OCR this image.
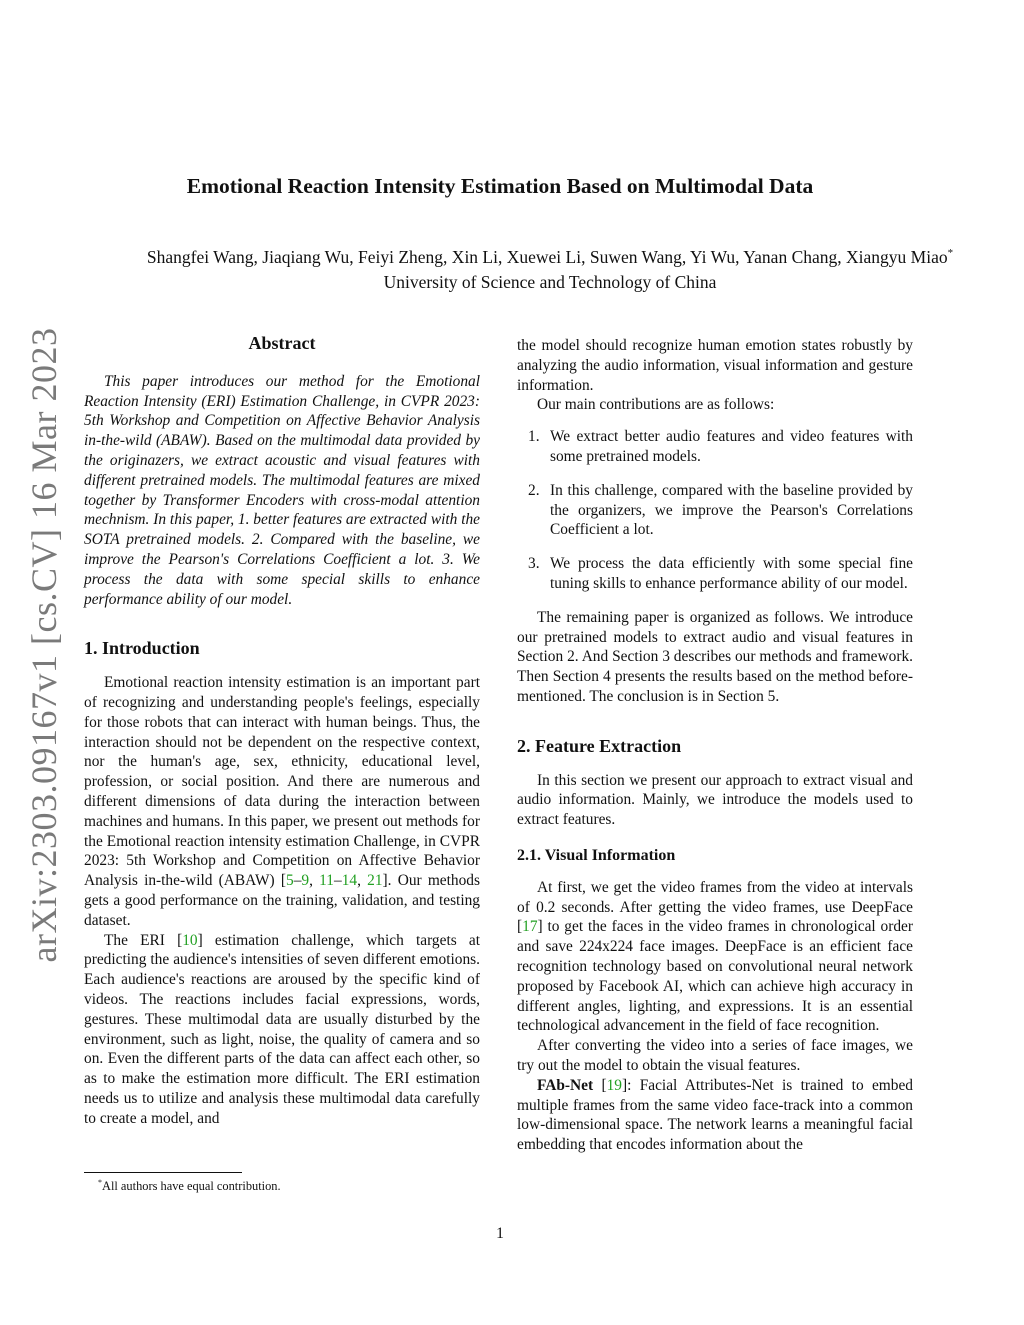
arXiv:2303.09167v1 [cs.CV] 16 Mar 2023
Emotional Reaction Intensity Estimation Based on Multimodal Data
Shangfei Wang, Jiaqiang Wu, Feiyi Zheng, Xin Li, Xuewei Li, Suwen Wang, Yi Wu, Yanan Chang, Xiangyu Miao*
University of Science and Technology of China
Abstract

This paper introduces our method for the Emotional Reaction Intensity (ERI) Estimation Challenge, in CVPR 2023: 5th Workshop and Competition on Affective Behavior Analysis in-the-wild (ABAW). Based on the multimodal data provided by the originazers, we extract acoustic and visual features with different pretrained models. The multimodal features are mixed together by Transformer Encoders with cross-modal attention mechnism. In this paper, 1. better features are extracted with the SOTA pretrained models. 2. Compared with the baseline, we improve the Pearson's Correlations Coefficient a lot. 3. We process the data with some special skills to enhance performance ability of our model.

1. Introduction

Emotional reaction intensity estimation is an important part of recognizing and understanding people's feelings, especially for those robots that can interact with human beings. Thus, the interaction should not be dependent on the respective context, nor the human's age, sex, ethnicity, educational level, profession, or social position. And there are numerous and different dimensions of data during the interaction between machines and humans. In this paper, we present out methods for the Emotional reaction intensity estimation Challenge, in CVPR 2023: 5th Workshop and Competition on Affective Behavior Analysis in-the-wild (ABAW) [5–9, 11–14, 21]. Our methods gets a good performance on the training, validation, and testing dataset.

The ERI [10] estimation challenge, which targets at predicting the audience's intensities of seven different emotions. Each audience's reactions are aroused by the specific kind of videos. The reactions includes facial expressions, words, gestures. These multimodal data are usually disturbed by the environment, such as light, noise, the quality of camera and so on. Even the different parts of the data can affect each other, so as to make the estimation more difficult. The ERI estimation needs us to utilize and analysis these multimodal data carefully to create a model, and

*All authors have equal contribution.

the model should recognize human emotion states robustly by analyzing the audio information, visual information and gesture information.

Our main contributions are as follows:

1. We extract better audio features and video features with some pretrained models.
2. In this challenge, compared with the baseline provided by the organizers, we improve the Pearson's Correlations Coefficient a lot.
3. We process the data efficiently with some special fine tuning skills to enhance performance ability of our model.

The remaining paper is organized as follows. We introduce our pretrained models to extract audio and visual features in Section 2. And Section 3 describes our methods and framework. Then Section 4 presents the results based on the method before-mentioned. The conclusion is in Section 5.

2. Feature Extraction

In this section we present our approach to extract visual and audio information. Mainly, we introduce the models used to extract features.

2.1. Visual Information

At first, we get the video frames from the video at intervals of 0.2 seconds. After getting the video frames, use DeepFace [17] to get the faces in the video frames in chronological order and save 224x224 face images. DeepFace is an efficient face recognition technology based on convolutional neural network proposed by Facebook AI, which can achieve high accuracy in different angles, lighting, and expressions. It is an essential technological advancement in the field of face recognition.

After converting the video into a series of face images, we try out the model to obtain the visual features.

FAb-Net [19]: Facial Attributes-Net is trained to embed multiple frames from the same video face-track into a common low-dimensional space. The network learns a meaningful facial embedding that encodes information about the

1
